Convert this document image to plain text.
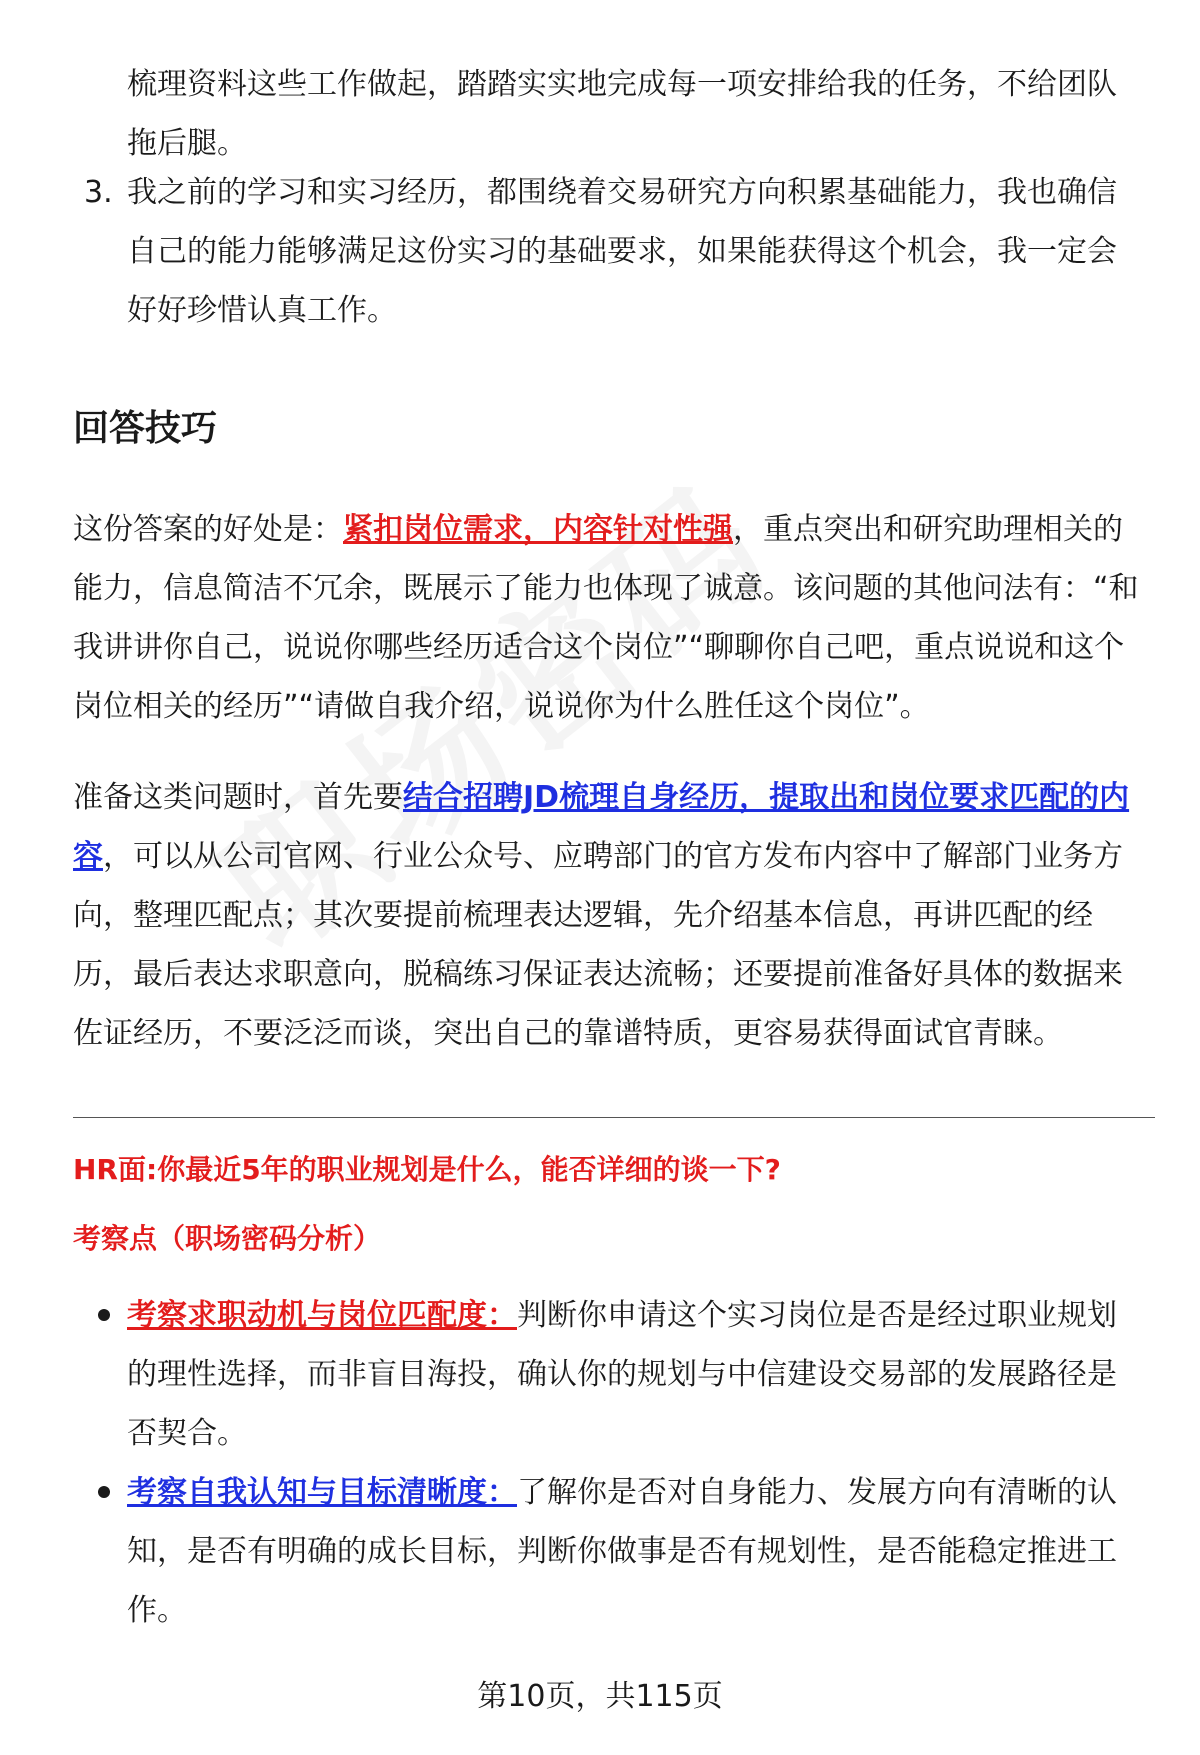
梳理资料这些工作做起，踏踏实实地完成每一项安排给我的任务，不给团队拖后腿。

3. 我之前的学习和实习经历，都围绕着交易研究方向积累基础能力，我也确信自己的能力能够满足这份实习的基础要求，如果能获得这个机会，我一定会好好珍惜认真工作。

回答技巧

这份答案的好处是：紧扣岗位需求，内容针对性强，重点突出和研究助理相关的能力，信息简洁不冗余，既展示了能力也体现了诚意。该问题的其他问法有：“和我讲讲你自己，说说你哪些经历适合这个岗位”“聊聊你自己吧，重点说说和这个岗位相关的经历”“请做自我介绍，说说你为什么胜任这个岗位”。

准备这类问题时，首先要结合招聘JD梳理自身经历，提取出和岗位要求匹配的内容，可以从公司官网、行业公众号、应聘部门的官方发布内容中了解部门业务方向，整理匹配点；其次要提前梳理表达逻辑，先介绍基本信息，再讲匹配的经历，最后表达求职意向，脱稿练习保证表达流畅；还要提前准备好具体的数据来佐证经历，不要泛泛而谈，突出自己的靠谱特质，更容易获得面试官青睐。

HR面:你最近5年的职业规划是什么，能否详细的谈一下?

考察点（职场密码分析）

考察求职动机与岗位匹配度：判断你申请这个实习岗位是否是经过职业规划的理性选择，而非盲目海投，确认你的规划与中信建设交易部的发展路径是否契合。

考察自我认知与目标清晰度：了解你是否对自身能力、发展方向有清晰的认知，是否有明确的成长目标，判断你做事是否有规划性，是否能稳定推进工作。

第10页，共115页
